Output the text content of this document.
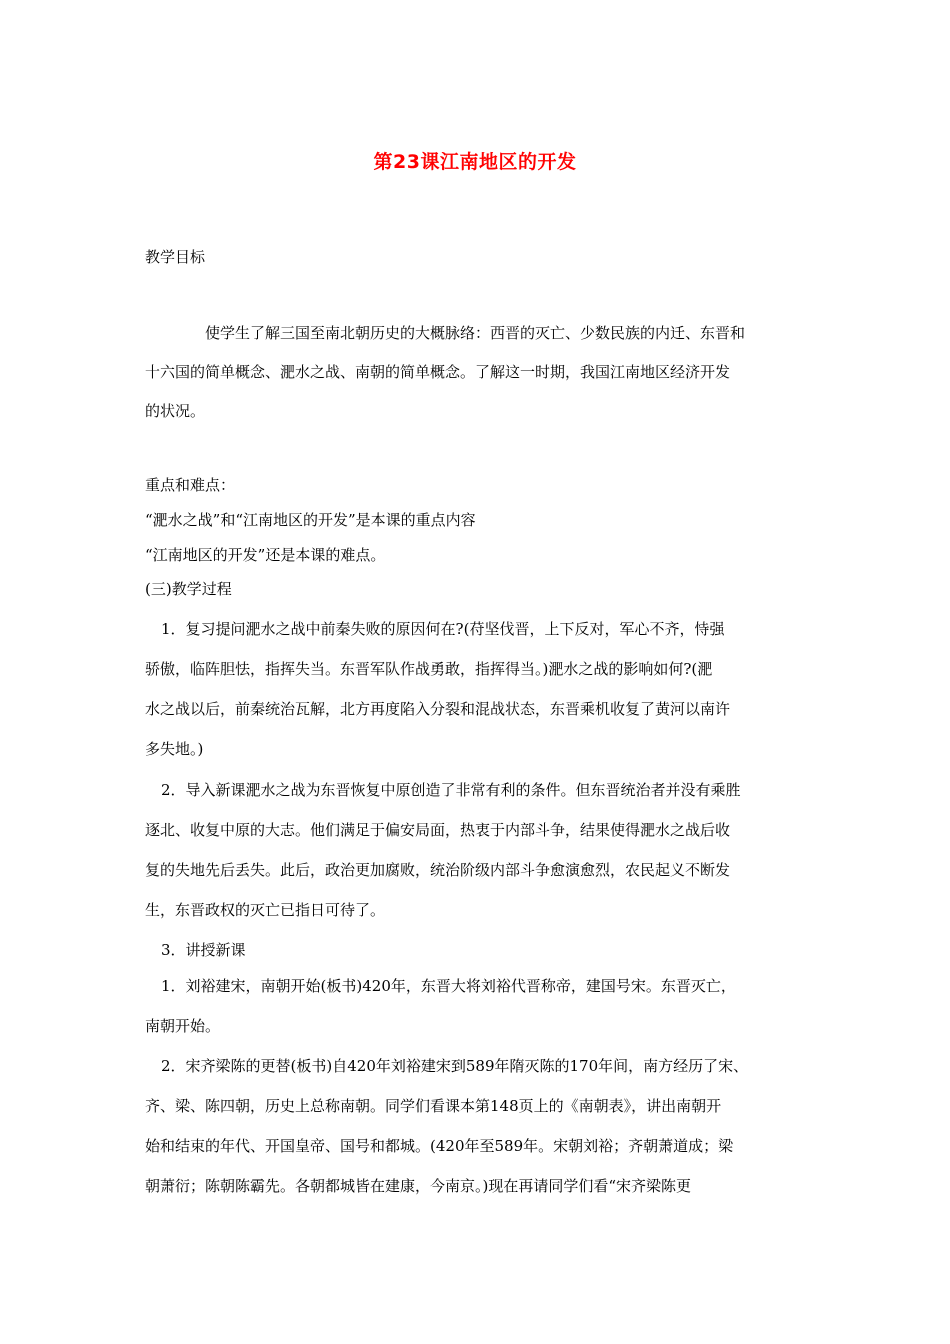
第23课江南地区的开发
教学目标
使学生了解三国至南北朝历史的大概脉络：西晋的灭亡、少数民族的内迁、东晋和
十六国的简单概念、淝水之战、南朝的简单概念。了解这一时期，我国江南地区经济开发
的状况。
重点和难点：
“淝水之战”和“江南地区的开发”是本课的重点内容
“江南地区的开发”还是本课的难点。
(三)教学过程
1．复习提问淝水之战中前秦失败的原因何在?(苻坚伐晋，上下反对，军心不齐，恃强
骄傲，临阵胆怯，指挥失当。东晋军队作战勇敢，指挥得当。)淝水之战的影响如何?(淝
水之战以后，前秦统治瓦解，北方再度陷入分裂和混战状态，东晋乘机收复了黄河以南许
多失地。)
2．导入新课淝水之战为东晋恢复中原创造了非常有利的条件。但东晋统治者并没有乘胜
逐北、收复中原的大志。他们满足于偏安局面，热衷于内部斗争，结果使得淝水之战后收
复的失地先后丢失。此后，政治更加腐败，统治阶级内部斗争愈演愈烈，农民起义不断发
生，东晋政权的灭亡已指日可待了。
3．讲授新课
1．刘裕建宋，南朝开始(板书)420年，东晋大将刘裕代晋称帝，建国号宋。东晋灭亡，
南朝开始。
2．宋齐梁陈的更替(板书)自420年刘裕建宋到589年隋灭陈的170年间，南方经历了宋、
齐、梁、陈四朝，历史上总称南朝。同学们看课本第148页上的《南朝表》，讲出南朝开
始和结束的年代、开国皇帝、国号和都城。(420年至589年。宋朝刘裕；齐朝萧道成；梁
朝萧衍；陈朝陈霸先。各朝都城皆在建康，今南京。)现在再请同学们看“宋齐梁陈更
